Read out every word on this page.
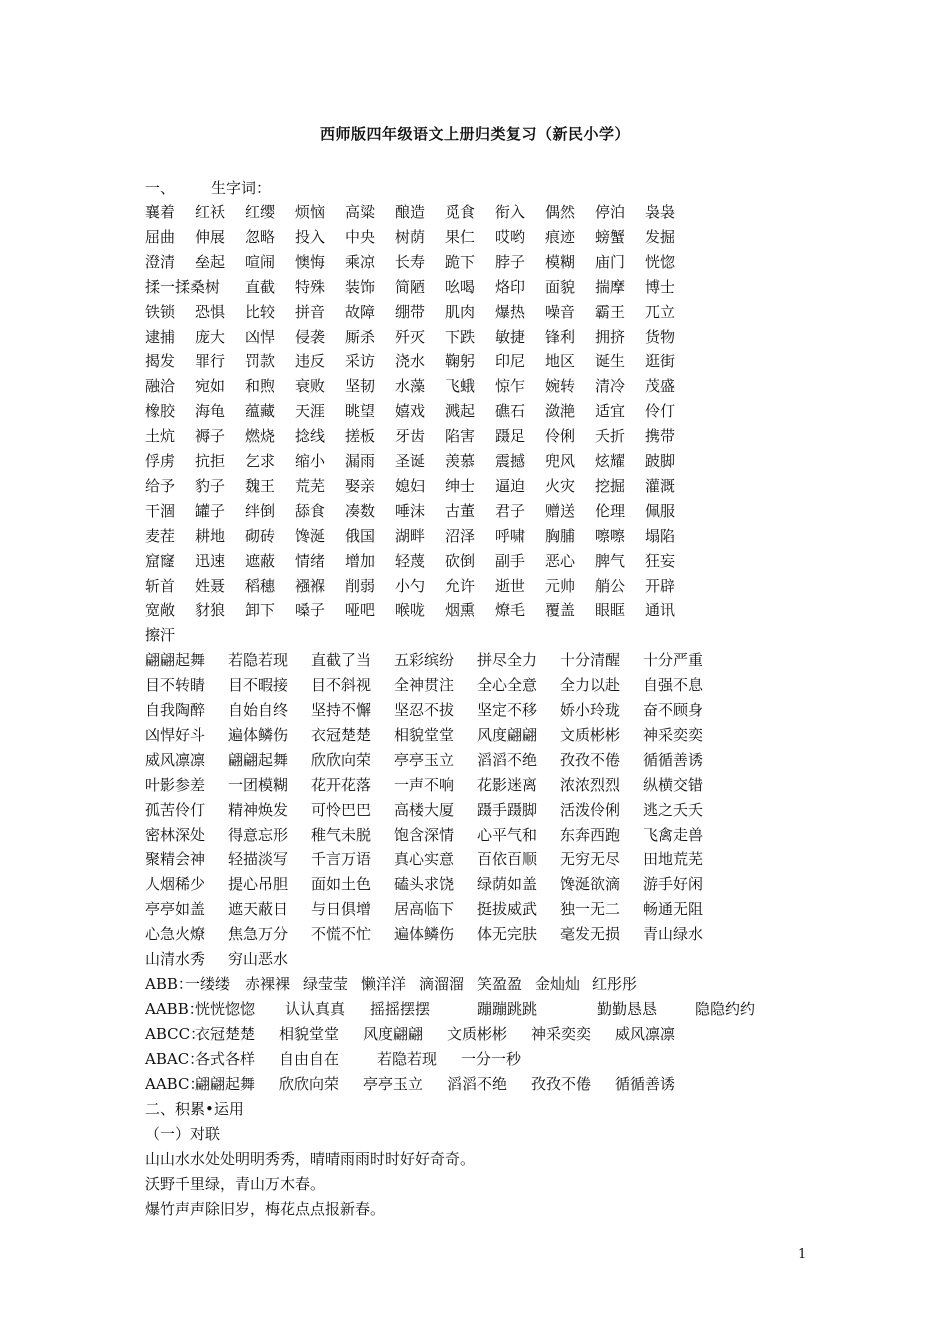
西师版四年级语文上册归类复习（新民小学）
一、 生字词：
襄着 红袄 红缨 烦恼 高粱 酿造 觅食 衔入 偶然 停泊 袅袅
屈曲 伸展 忽略 投入 中央 树荫 果仁 哎哟 痕迹 螃蟹 发掘
澄清 垒起 喧闹 懊悔 乘凉 长寿 跪下 脖子 模糊 庙门 恍惚
揉一揉桑树 直截 特殊 装饰 简陋 吆喝 烙印 面貌 揣摩 博士
铁锁 恐惧 比较 拼音 故障 绷带 肌肉 爆热 噪音 霸王 兀立
逮捕 庞大 凶悍 侵袭 厮杀 歼灭 下跌 敏捷 锋利 拥挤 货物
揭发 罪行 罚款 违反 采访 浇水 鞠躬 印尼 地区 诞生 逛街
融洽 宛如 和煦 衰败 坚韧 水藻 飞蛾 惊乍 婉转 清冷 茂盛
橡胶 海龟 蕴藏 天涯 眺望 嬉戏 溅起 礁石 潋滟 适宜 伶仃
土炕 褥子 燃烧 捻线 搓板 牙齿 陷害 蹑足 伶俐 夭折 携带
俘虏 抗拒 乞求 缩小 漏雨 圣诞 羡慕 震撼 兜风 炫耀 跛脚
给予 豹子 魏王 荒芜 娶亲 媳妇 绅士 逼迫 火灾 挖掘 灌溉
干涸 罐子 绊倒 舔食 凑数 唾沫 古董 君子 赠送 伦理 佩服
麦茬 耕地 砌砖 馋涎 俄国 湖畔 沼泽 呼啸 胸脯 嚓嚓 塌陷
窟窿 迅速 遮蔽 情绪 增加 轻蔑 砍倒 副手 恶心 脾气 狂妄
斩首 姓聂 稻穗 襁褓 削弱 小勺 允许 逝世 元帅 艄公 开辟
宽敞 豺狼 卸下 嗓子 哑吧 喉咙 烟熏 燎毛 覆盖 眼眶 通讯
擦汗
翩翩起舞 若隐若现 直截了当 五彩缤纷 拼尽全力 十分清醒 十分严重
目不转睛 目不暇接 目不斜视 全神贯注 全心全意 全力以赴 自强不息
自我陶醉 自始自终 坚持不懈 坚忍不拔 坚定不移 娇小玲珑 奋不顾身
凶悍好斗 遍体鳞伤 衣冠楚楚 相貌堂堂 风度翩翩 文质彬彬 神采奕奕
威风凛凛 翩翩起舞 欣欣向荣 亭亭玉立 滔滔不绝 孜孜不倦 循循善诱
叶影参差 一团模糊 花开花落 一声不响 花影迷离 浓浓烈烈 纵横交错
孤苦伶仃 精神焕发 可怜巴巴 高楼大厦 蹑手蹑脚 活泼伶俐 逃之夭夭
密林深处 得意忘形 稚气未脱 饱含深情 心平气和 东奔西跑 飞禽走兽
聚精会神 轻描淡写 千言万语 真心实意 百依百顺 无穷无尽 田地荒芜
人烟稀少 提心吊胆 面如土色 磕头求饶 绿荫如盖 馋涎欲滴 游手好闲
亭亭如盖 遮天蔽日 与日俱增 居高临下 挺拔威武 独一无二 畅通无阻
心急火燎 焦急万分 不慌不忙 遍体鳞伤 体无完肤 毫发无损 青山绿水
山清水秀 穷山恶水
ABB：
一缕缕 赤裸裸 绿莹莹 懒洋洋 滴溜溜 笑盈盈 金灿灿 红彤彤
AABB：
恍恍惚惚 认认真真 摇摇摆摆	蹦蹦跳跳	勤勤恳恳	隐隐约约
ABCC：
衣冠楚楚 相貌堂堂 风度翩翩 文质彬彬 神采奕奕 威风凛凛
ABAC：
各式各样 自由自在	若隐若现 一分一秒
AABC：
翩翩起舞 欣欣向荣 亭亭玉立 滔滔不绝 孜孜不倦 循循善诱
二、积累•运用
（一）对联
山山水水处处明明秀秀，晴晴雨雨时时好好奇奇。
沃野千里绿，青山万木春。
爆竹声声除旧岁，梅花点点报新春。
1
